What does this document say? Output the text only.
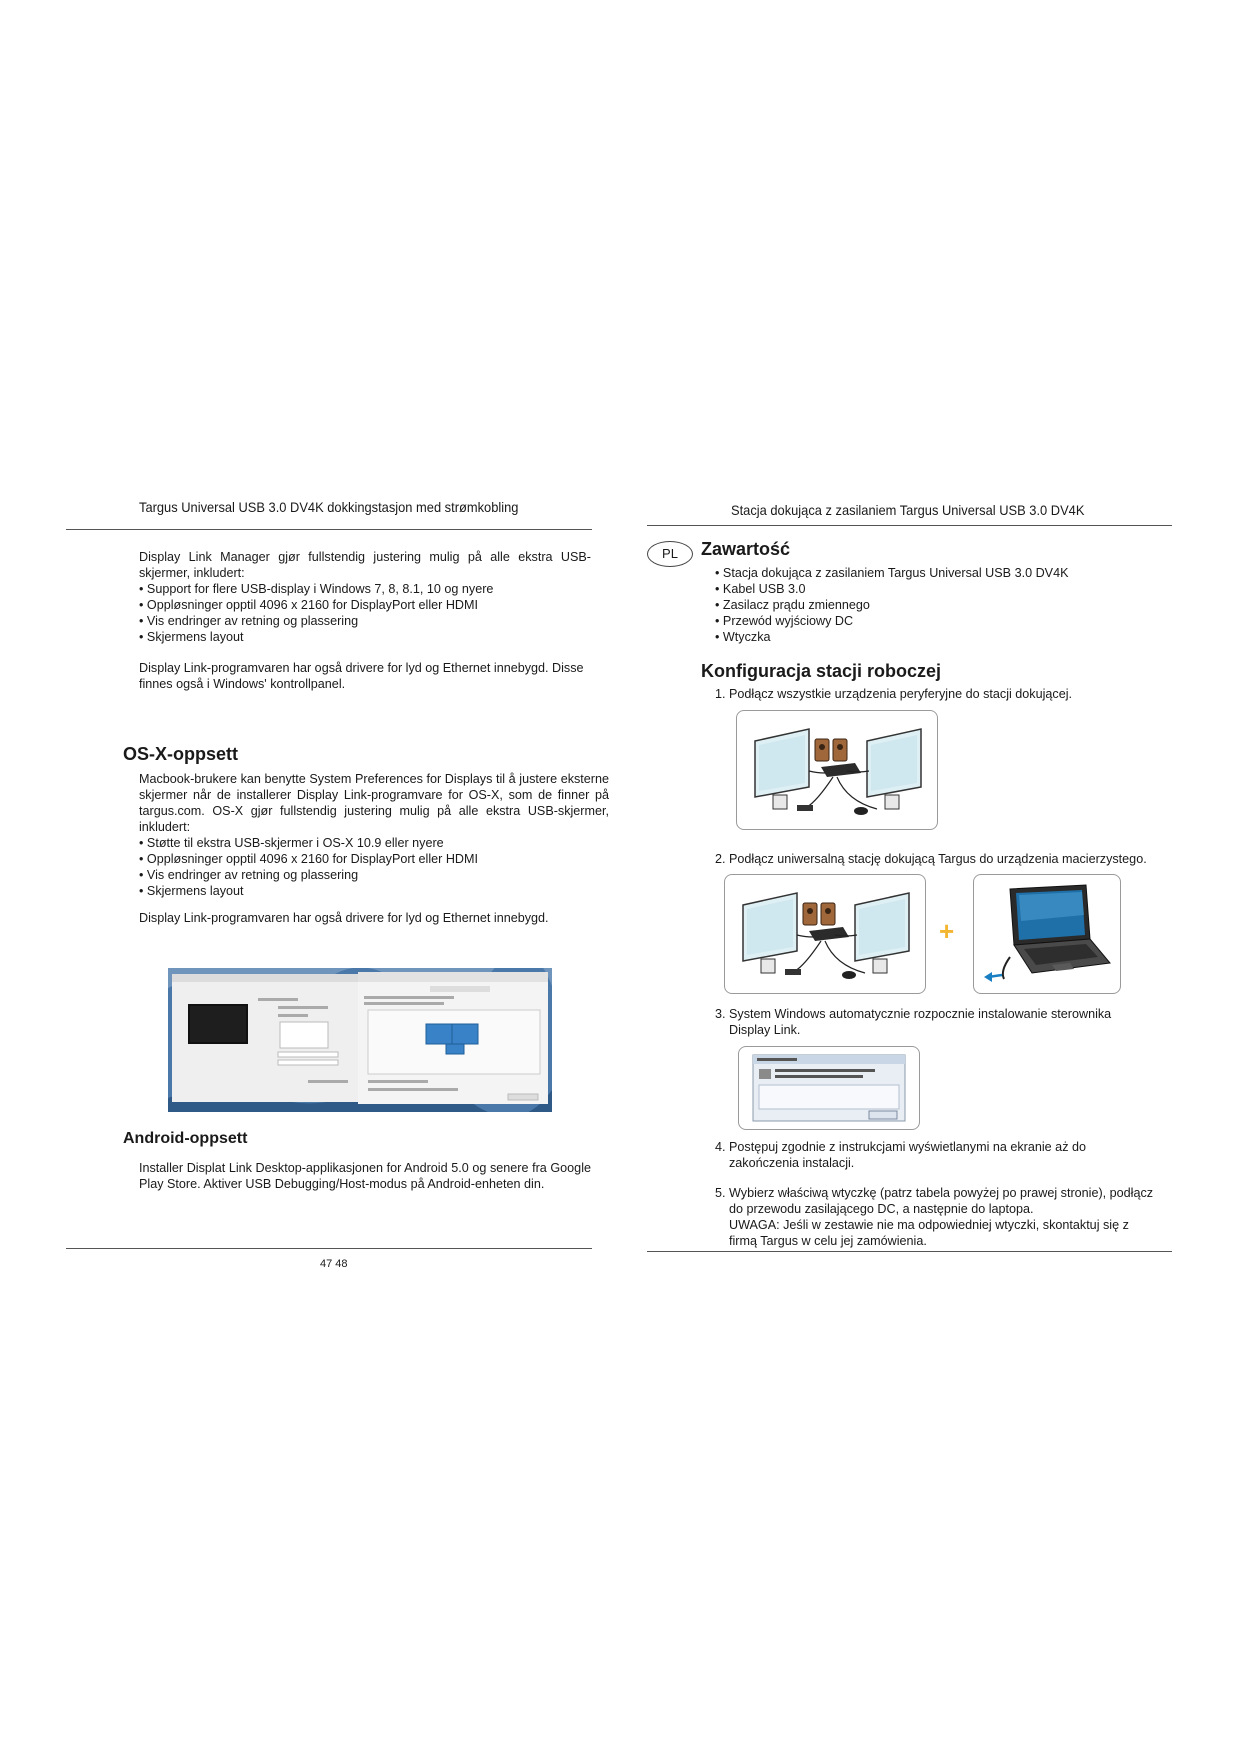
Targus Universal USB 3.0 DV4K dokkingstasjon med strømkobling
Display Link Manager gjør fullstendig justering mulig på alle ekstra USB-skjermer, inkludert:
• Support for flere USB-display i Windows 7, 8, 8.1, 10 og nyere
• Oppløsninger opptil 4096 x 2160 for DisplayPort eller HDMI
• Vis endringer av retning og plassering
• Skjermens layout
Display Link-programvaren har også drivere for lyd og Ethernet innebygd. Disse finnes også i Windows' kontrollpanel.
OS-X-oppsett
Macbook-brukere kan benytte System Preferences for Displays til å justere eksterne skjermer når de installerer Display Link-programvare for OS-X, som de finner på targus.com. OS-X gjør fullstendig justering mulig på alle ekstra USB-skjermer, inkludert:
• Støtte til ekstra USB-skjermer i OS-X 10.9 eller nyere
• Oppløsninger opptil 4096 x 2160 for DisplayPort eller HDMI
• Vis endringer av retning og plassering
• Skjermens layout
Display Link-programvaren har også drivere for lyd og Ethernet innebygd.
Android-oppsett
Installer Displat Link Desktop-applikasjonen for Android 5.0 og senere fra Google Play Store. Aktiver USB Debugging/Host-modus på Android-enheten din.
47 48
Stacja dokująca z zasilaniem Targus Universal USB 3.0 DV4K
PL	Zawartość
• Stacja dokująca z zasilaniem Targus Universal USB 3.0 DV4K
• Kabel USB 3.0
• Zasilacz prądu zmiennego
• Przewód wyjściowy DC
• Wtyczka
Konfiguracja stacji roboczej
1. Podłącz wszystkie urządzenia peryferyjne do stacji dokującej.
2. Podłącz uniwersalną stację dokującą Targus do urządzenia macierzystego.
+
3. System Windows automatycznie rozpocznie instalowanie sterownika
Display Link.
4. Postępuj zgodnie z instrukcjami wyświetlanymi na ekranie aż do
zakończenia instalacji.
5. Wybierz właściwą wtyczkę (patrz tabela powyżej po prawej stronie), podłącz
do przewodu zasilającego DC, a następnie do laptopa.
UWAGA: Jeśli w zestawie nie ma odpowiedniej wtyczki, skontaktuj się z
firmą Targus w celu jej zamówienia.
